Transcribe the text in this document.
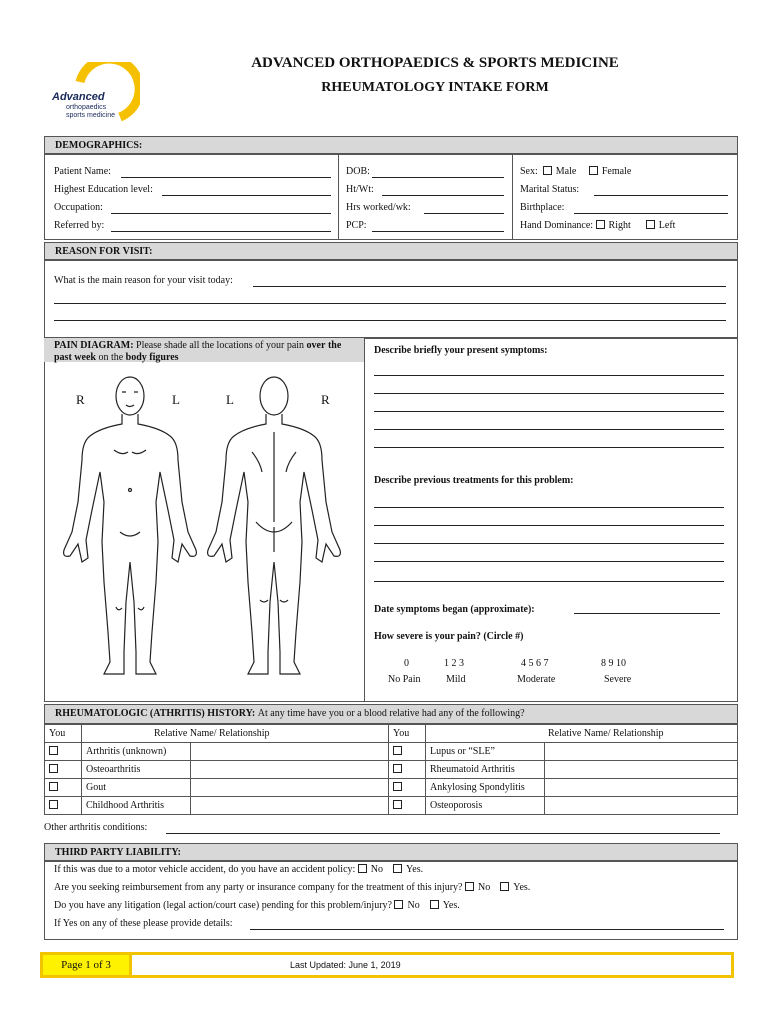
Advanced
orthopaedics
sports medicine
ADVANCED ORTHOPAEDICS & SPORTS MEDICINE
RHEUMATOLOGY INTAKE FORM
DEMOGRAPHICS:
Patient Name:
Highest Education level:
Occupation:
Referred by:
DOB:
Ht/Wt:
Hrs worked/wk:
PCP:
Sex: Male	Female
Marital Status:
Birthplace:
Hand Dominance: Right	Left
REASON FOR VISIT:
What is the main reason for your visit today:
PAIN DIAGRAM: Please shade all the locations of your pain over the past week on the body figures
R	L	L	R
Describe briefly your present symptoms:
Describe previous treatments for this problem:
Date symptoms began (approximate):
How severe is your pain? (Circle #)
0
No Pain
1 2 3
Mild
4 5 6 7
Moderate
8 9 10
Severe
RHEUMATOLOGIC (ATHRITIS) HISTORY: At any time have you or a blood relative had any of the following?
You		Relative Name/ Relationship	You		Relative Name/ Relationship
	Arthritis (unknown)			Lupus or “SLE”	
	Osteoarthritis			Rheumatoid Arthritis	
	Gout			Ankylosing Spondylitis	
	Childhood Arthritis			Osteoporosis	
Other arthritis conditions:
THIRD PARTY LIABILITY:
If this was due to a motor vehicle accident, do you have an accident policy: No Yes.
Are you seeking reimbursement from any party or insurance company for the treatment of this injury? No Yes.
Do you have any litigation (legal action/court case) pending for this problem/injury? No Yes.
If Yes on any of these please provide details:
Page 1 of 3	Last Updated: June 1, 2019
